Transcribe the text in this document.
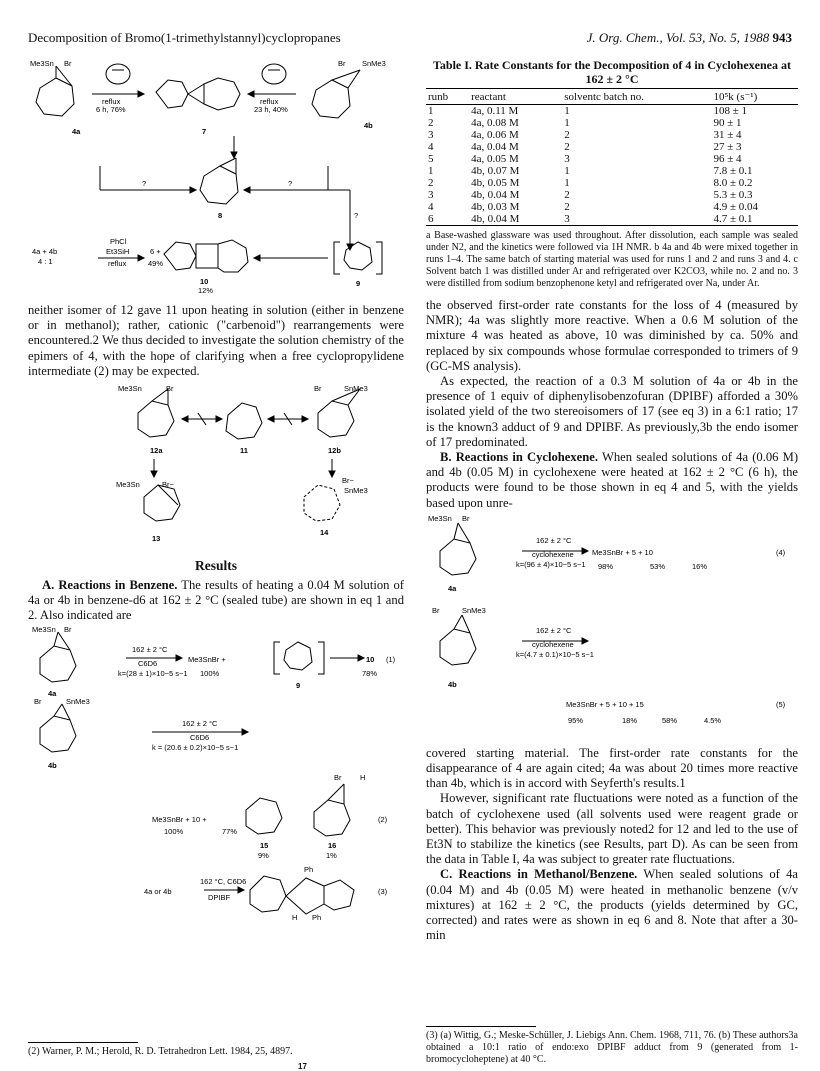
Decomposition of Bromo(1-trimethylstannyl)cyclopropanes	J. Org. Chem., Vol. 53, No. 5, 1988 943
Me3Sn Br
reflux
6 h, 76%
reflux
23 h, 40%
Br SnMe3
4a	7
4b
?	?
?
8
4a + 4b
4 : 1
PhCl
Et3SiH
reflux	49%
6 +
10
12%
9

neither isomer of 12 gave 11 upon heating in solution (either in benzene or in methanol); rather, cationic ("carbenoid") rearrangements were encountered.2 We thus decided to investigate the solution chemistry of the epimers of 4, with the hope of clarifying when a free cyclopropylidene intermediate (2) may be expected.

Me3Sn	Br	Br	SnMe3
12a	11	12b
Me3Sn	Br−	Br−
SnMe3
13
14
Results

A. Reactions in Benzene. The results of heating a 0.04 M solution of 4a or 4b in benzene-d6 at 162 ± 2 °C (sealed tube) are shown in eq 1 and 2. Also indicated are

Me3Sn Br
162 ± 2 °C
C6D6
k=(28 ± 1)×10−5 s−1
Me3SnBr +
100%
10 (1)
78%
4a
9
Br	SnMe3
162 ± 2 °C
C6D6
k = (20.6 ± 0.2)×10−5 s−1
4b
Br H
Me3SnBr + 10 +
100%	77%
(2)
15	16
9%	1%
Ph
4a or 4b
162 °C, C6D6
DPIBF
(3)
H Ph
17
(2) Warner, P. M.; Herold, R. D. Tetrahedron Lett. 1984, 25, 4897.
Table I. Rate Constants for the Decomposition of 4 in Cyclohexenea at 162 ± 2 °C
runb	reactant	solventc batch no.	10⁵k (s⁻¹)
1	4a, 0.11 M	1	108 ± 1
2	4a, 0.08 M	1	90 ± 1
3	4a, 0.06 M	2	31 ± 4
4	4a, 0.04 M	2	27 ± 3
5	4a, 0.05 M	3	96 ± 4
1	4b, 0.07 M	1	7.8 ± 0.1
2	4b, 0.05 M	1	8.0 ± 0.2
3	4b, 0.04 M	2	5.3 ± 0.3
4	4b, 0.03 M	2	4.9 ± 0.04
6	4b, 0.04 M	3	4.7 ± 0.1
a Base-washed glassware was used throughout. After dissolution, each sample was sealed under N2, and the kinetics were followed via 1H NMR. b 4a and 4b were mixed together in runs 1–4. The same batch of starting material was used for runs 1 and 2 and runs 3 and 4. c Solvent batch 1 was distilled under Ar and refrigerated over K2CO3, while no. 2 and no. 3 were distilled from sodium benzophenone ketyl and refrigerated over Na, under Ar.

the observed first-order rate constants for the loss of 4 (measured by NMR); 4a was slightly more reactive. When a 0.6 M solution of the mixture 4 was heated as above, 10 was diminished by ca. 50% and replaced by six compounds whose formulae corresponded to trimers of 9 (GC-MS analysis).

As expected, the reaction of a 0.3 M solution of 4a or 4b in the presence of 1 equiv of diphenylisobenzofuran (DPIBF) afforded a 30% isolated yield of the two stereoisomers of 17 (see eq 3) in a 6:1 ratio; 17 is the known3 adduct of 9 and DPIBF. As previously,3b the endo isomer of 17 predominated.

B. Reactions in Cyclohexene. When sealed solutions of 4a (0.06 M) and 4b (0.05 M) in cyclohexene were heated at 162 ± 2 °C (6 h), the products were found to be those shown in eq 4 and 5, with the yields based upon unre-

Me3Sn Br
162 ± 2 °C
cyclohexene
k=(96 ± 4)×10−5 s−1
Me3SnBr + 5 + 10	(4)
98%	53%	16%
4a
Br	SnMe3
162 ± 2 °C
cyclohexene
k=(4.7 ± 0.1)×10−5 s−1
4b
Me3SnBr + 5 + 10 + 15	(5)
95%	18%	58%	4.5%

covered starting material. The first-order rate constants for the disappearance of 4 are again cited; 4a was about 20 times more reactive than 4b, which is in accord with Seyferth's results.1

However, significant rate fluctuations were noted as a function of the batch of cyclohexene used (all solvents used were reagent grade or better). This behavior was previously noted2 for 12 and led to the use of Et3N to stabilize the kinetics (see Results, part D). As can be seen from the data in Table I, 4a was subject to greater rate fluctuations.

C. Reactions in Methanol/Benzene. When sealed solutions of 4a (0.04 M) and 4b (0.05 M) were heated in methanolic benzene (v/v mixtures) at 162 ± 2 °C, the products (yields determined by GC, corrected) and rates were as shown in eq 6 and 8. Note that after a 30-min

(3) (a) Wittig, G.; Meske-Schüller, J. Liebigs Ann. Chem. 1968, 711, 76. (b) These authors3a obtained a 10:1 ratio of endo:exo DPIBF adduct from 9 (generated from 1-bromocycloheptene) at 40 °C.
